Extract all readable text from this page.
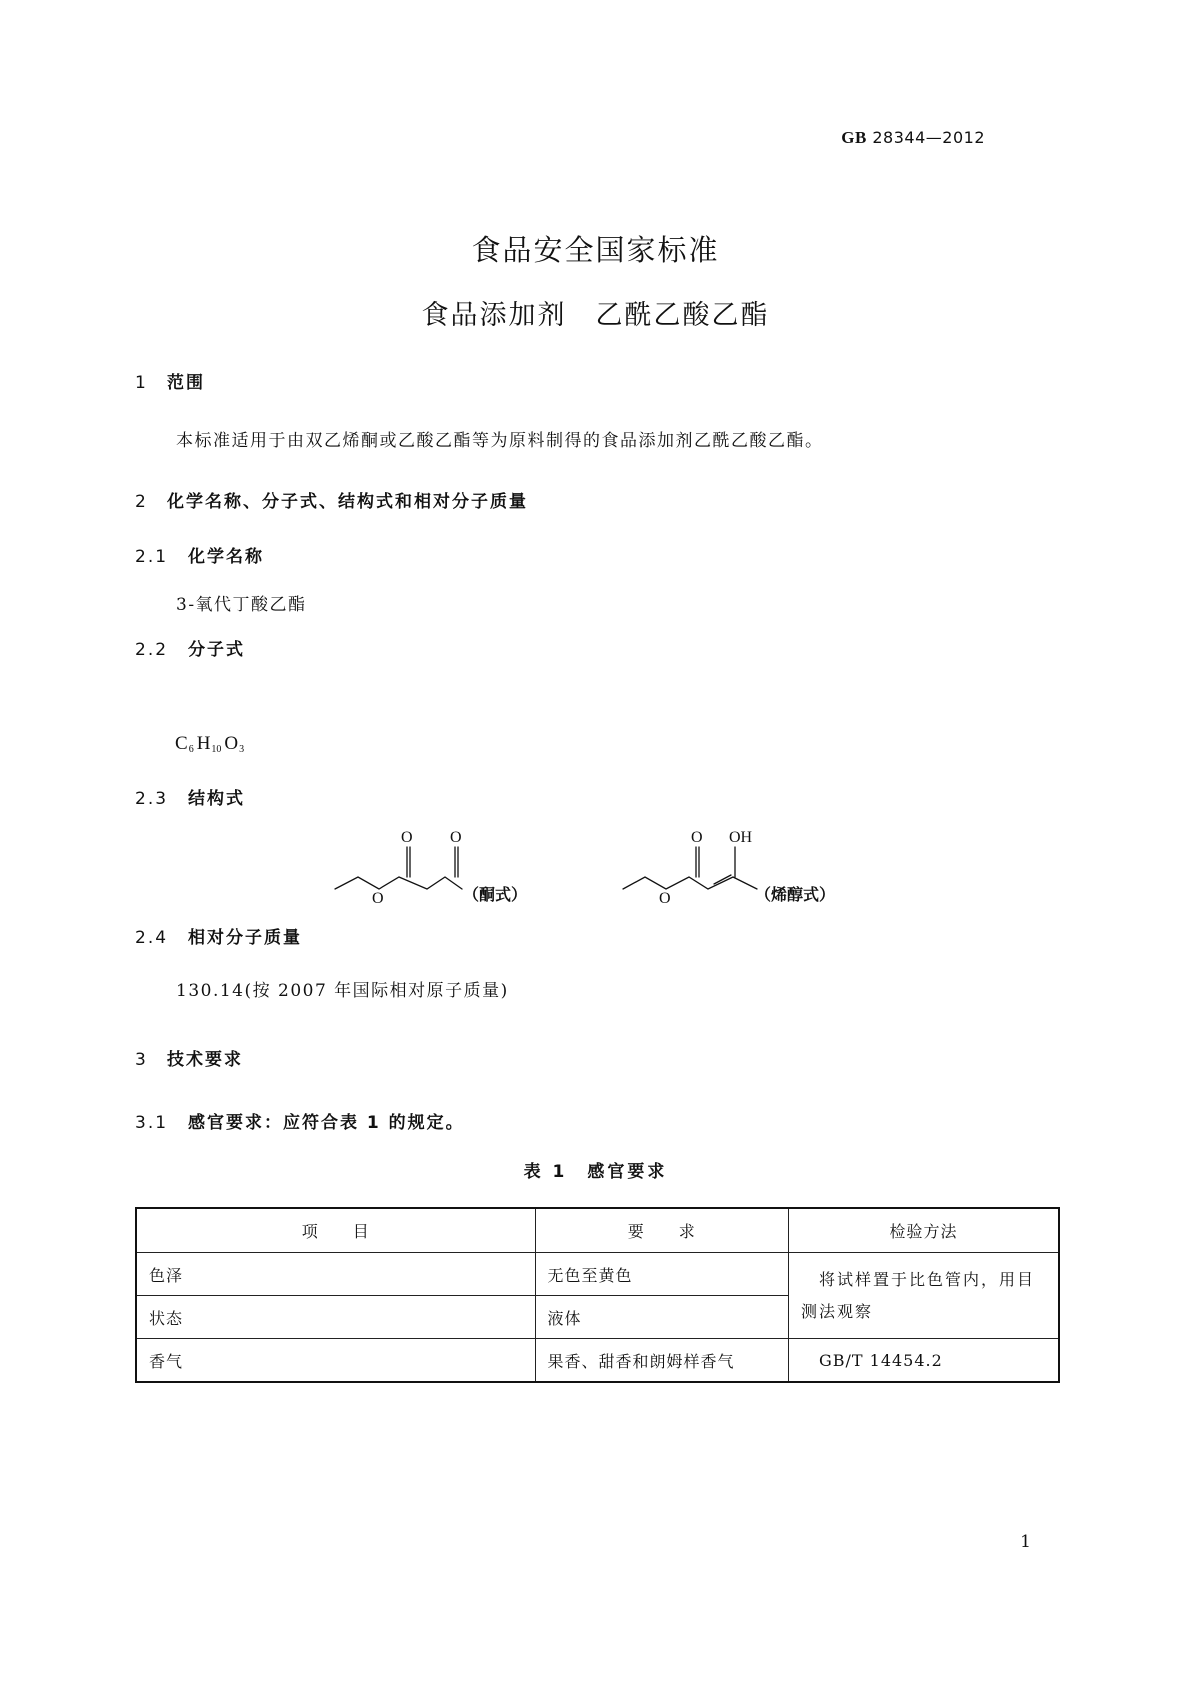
GB 28344—2012
食品安全国家标准
食品添加剂　乙酰乙酸乙酯
1 范围
本标准适用于由双乙烯酮或乙酸乙酯等为原料制得的食品添加剂乙酰乙酸乙酯。
2 化学名称、分子式、结构式和相对分子质量
2.1 化学名称
3-氧代丁酸乙酯
2.2 分子式
$C_6$ $H_{10}$ $O_3$
2.3 结构式
O O
O
O OH
O
（酮式）	（烯醇式）
2.4 相对分子质量
130.14(按 2007 年国际相对原子质量)
3 技术要求
3.1 感官要求：应符合表 1 的规定。
表 1　感官要求
项　　目	要　　求	检验方法
色泽	无色至黄色	将试样置于比色管内，用目测法观察
状态	液体	
香气	果香、甜香和朗姆样香气	GB/T 14454.2
1
